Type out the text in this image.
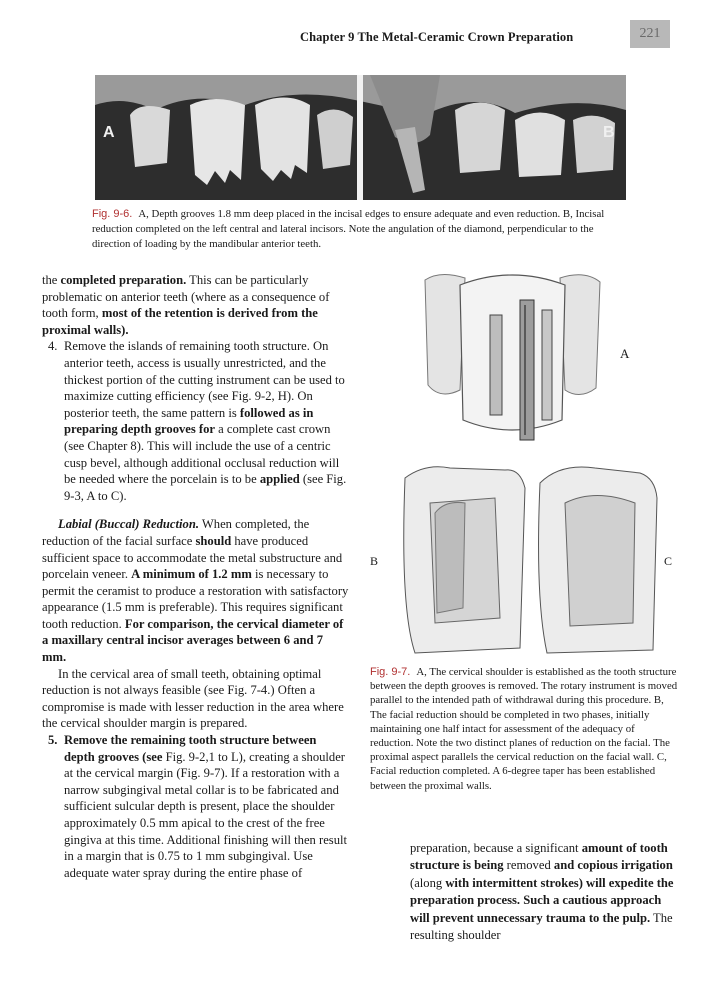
Chapter 9 The Metal-Ceramic Crown Preparation	221
A	B
Fig. 9-6. A, Depth grooves 1.8 mm deep placed in the incisal edges to ensure adequate and even reduction. B, Incisal reduction completed on the left central and lateral incisors. Note the angulation of the diamond, perpendicular to the direction of loading by the mandibular anterior teeth.

the completed preparation. This can be particularly problematic on anterior teeth (where as a consequence of tooth form, most of the retention is derived from the proximal walls).

4. Remove the islands of remaining tooth structure. On anterior teeth, access is usually unrestricted, and the thickest portion of the cutting instrument can be used to maximize cutting efficiency (see Fig. 9-2, H). On posterior teeth, the same pattern is followed as in preparing depth grooves for a complete cast crown (see Chapter 8). This will include the use of a centric cusp bevel, although additional occlusal reduction will be needed where the porcelain is to be applied (see Fig. 9-3, A to C).

Labial (Buccal) Reduction. When completed, the reduction of the facial surface should have produced sufficient space to accommodate the metal substructure and porcelain veneer. A minimum of 1.2 mm is necessary to permit the ceramist to produce a restoration with satisfactory appearance (1.5 mm is preferable). This requires significant tooth reduction. For comparison, the cervical diameter of a maxillary central incisor averages between 6 and 7 mm.

In the cervical area of small teeth, obtaining optimal reduction is not always feasible (see Fig. 7-4.) Often a compromise is made with lesser reduction in the area where the cervical shoulder margin is prepared.

5. Remove the remaining tooth structure between depth grooves (see Fig. 9-2,1 to L), creating a shoulder at the cervical margin (Fig. 9-7). If a restoration with a narrow subgingival metal collar is to be fabricated and sufficient sulcular depth is present, place the shoulder approximately 0.5 mm apical to the crest of the free gingiva at this time. Additional finishing will then result in a margin that is 0.75 to 1 mm subgingival. Use adequate water spray during the entire phase of

A
B	C
Fig. 9-7. A, The cervical shoulder is established as the tooth structure between the depth grooves is removed. The rotary instrument is moved parallel to the intended path of withdrawal during this procedure. B, The facial reduction should be completed in two phases, initially maintaining one half intact for assessment of the adequacy of reduction. Note the two distinct planes of reduction on the facial. The proximal aspect parallels the cervical reduction on the facial wall. C, Facial reduction completed. A 6-degree taper has been established between the proximal walls.
preparation, because a significant amount of tooth structure is being removed and copious irrigation (along with intermittent strokes) will expedite the preparation process. Such a cautious approach will prevent unnecessary trauma to the pulp. The resulting shoulder
